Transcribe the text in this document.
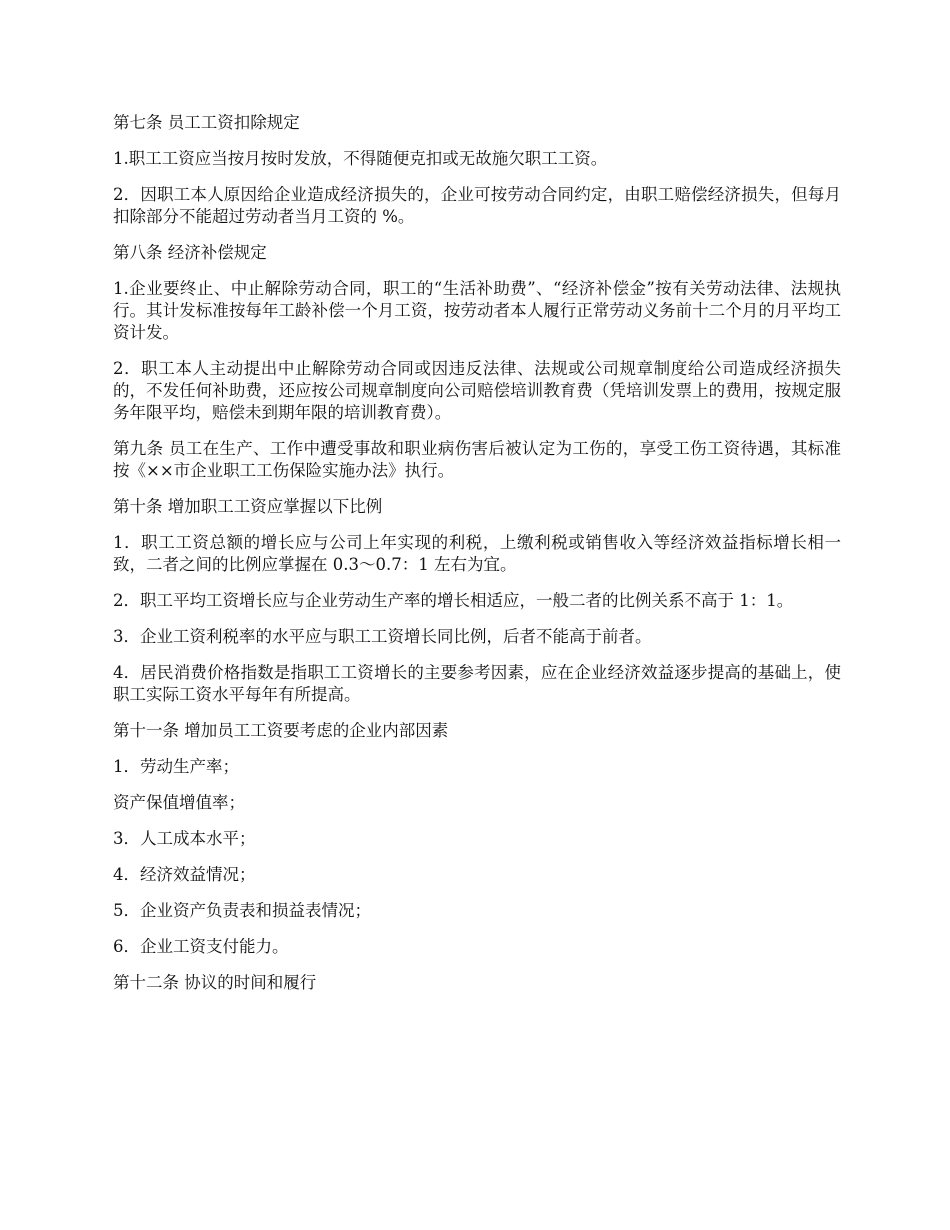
第七条 员工工资扣除规定

1.职工工资应当按月按时发放，不得随便克扣或无故施欠职工工资。

2．因职工本人原因给企业造成经济损失的，企业可按劳动合同约定，由职工赔偿经济损失，但每月扣除部分不能超过劳动者当月工资的 %。

第八条 经济补偿规定

1.企业要终止、中止解除劳动合同，职工的“生活补助费”、“经济补偿金”按有关劳动法律、法规执行。其计发标准按每年工龄补偿一个月工资，按劳动者本人履行正常劳动义务前十二个月的月平均工资计发。

2．职工本人主动提出中止解除劳动合同或因违反法律、法规或公司规章制度给公司造成经济损失的，不发任何补助费，还应按公司规章制度向公司赔偿培训教育费（凭培训发票上的费用，按规定服务年限平均，赔偿未到期年限的培训教育费）。

第九条 员工在生产、工作中遭受事故和职业病伤害后被认定为工伤的，享受工伤工资待遇，其标准按《××市企业职工工伤保险实施办法》执行。

第十条 增加职工工资应掌握以下比例

1．职工工资总额的增长应与公司上年实现的利税，上缴利税或销售收入等经济效益指标增长相一致，二者之间的比例应掌握在 0.3～0.7：1 左右为宜。

2．职工平均工资增长应与企业劳动生产率的增长相适应，一般二者的比例关系不高于 1：1。

3．企业工资利税率的水平应与职工工资增长同比例，后者不能高于前者。

4．居民消费价格指数是指职工工资增长的主要参考因素，应在企业经济效益逐步提高的基础上，使职工实际工资水平每年有所提高。

第十一条 增加员工工资要考虑的企业内部因素

1．劳动生产率；

资产保值增值率；

3．人工成本水平；

4．经济效益情况；

5．企业资产负责表和损益表情况；

6．企业工资支付能力。

第十二条 协议的时间和履行
